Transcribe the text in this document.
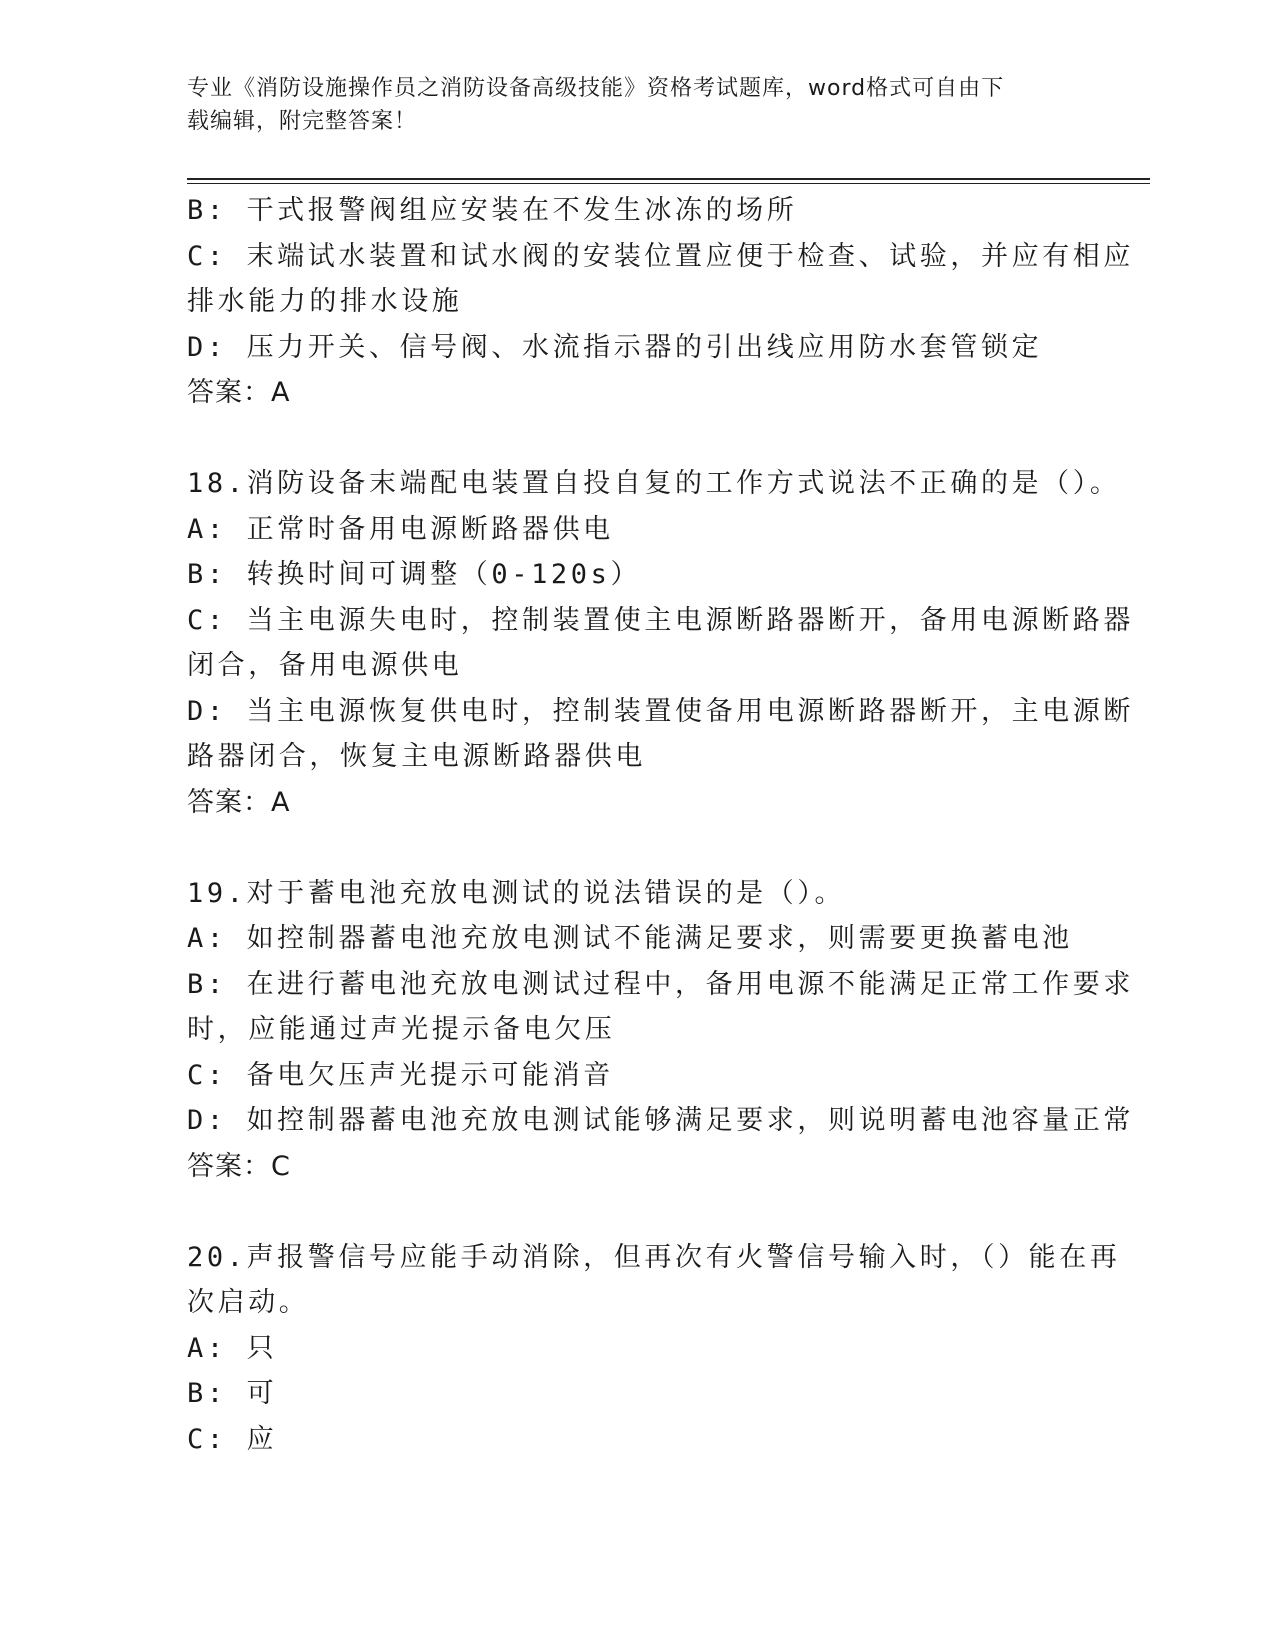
专业《消防设施操作员之消防设备高级技能》资格考试题库，word格式可自由下
载编辑，附完整答案！

B: 干式报警阀组应安装在不发生冰冻的场所

C: 末端试水装置和试水阀的安装位置应便于检查、试验，并应有相应

排水能力的排水设施

D: 压力开关、信号阀、水流指示器的引出线应用防水套管锁定

答案：A

18.消防设备末端配电装置自投自复的工作方式说法不正确的是（）。

A: 正常时备用电源断路器供电

B: 转换时间可调整（0-120s）

C: 当主电源失电时，控制装置使主电源断路器断开，备用电源断路器

闭合，备用电源供电

D: 当主电源恢复供电时，控制装置使备用电源断路器断开，主电源断

路器闭合，恢复主电源断路器供电

答案：A

19.对于蓄电池充放电测试的说法错误的是（）。

A: 如控制器蓄电池充放电测试不能满足要求，则需要更换蓄电池

B: 在进行蓄电池充放电测试过程中，备用电源不能满足正常工作要求

时，应能通过声光提示备电欠压

C: 备电欠压声光提示可能消音

D: 如控制器蓄电池充放电测试能够满足要求，则说明蓄电池容量正常

答案：C

20.声报警信号应能手动消除，但再次有火警信号输入时，（）能在再

次启动。

A: 只

B: 可

C: 应
